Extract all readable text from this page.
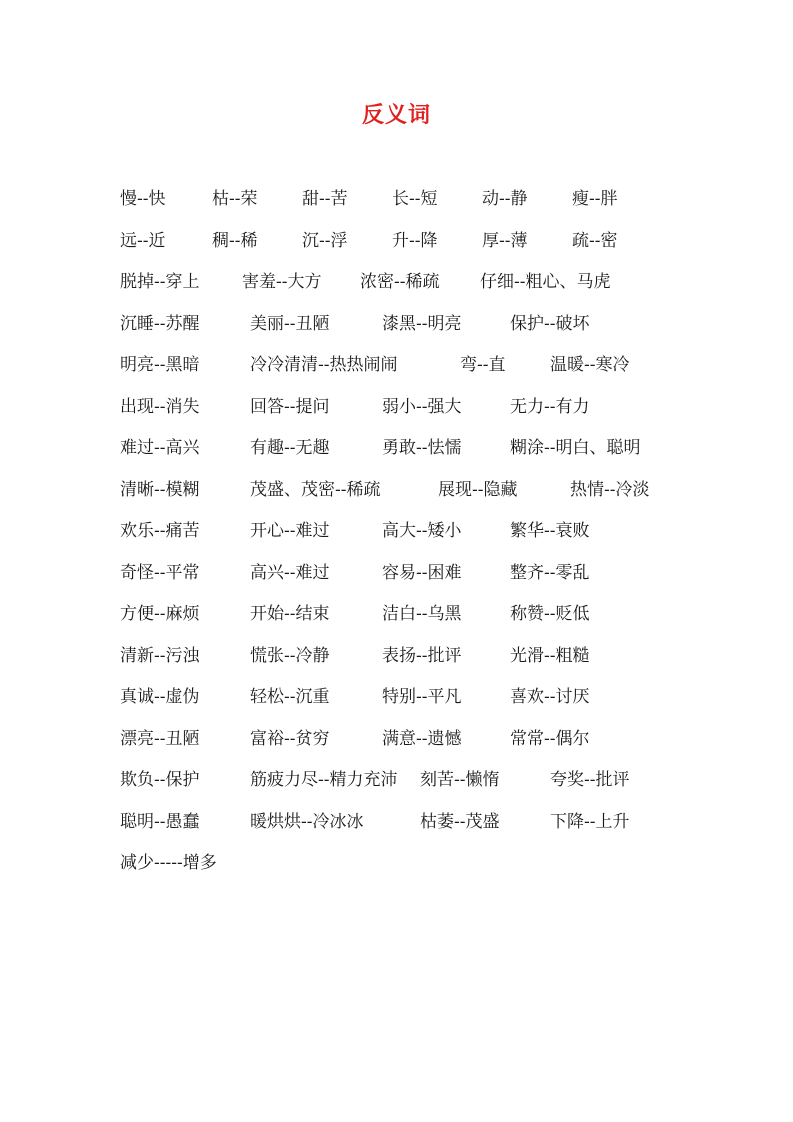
反义词
慢--快	枯--荣	甜--苦	长--短	动--静	瘦--胖
远--近	稠--稀	沉--浮	升--降	厚--薄	疏--密
脱掉--穿上	害羞--大方 浓密--稀疏 仔细--粗心、马虎
沉睡--苏醒	美丽--丑陋	漆黑--明亮	保护--破坏
明亮--黑暗	冷冷清清--热热闹闹	弯--直	温暖--寒冷
出现--消失	回答--提问	弱小--强大	无力--有力
难过--高兴	有趣--无趣	勇敢--怯懦	糊涂--明白、聪明
清晰--模糊	茂盛、茂密--稀疏	展现--隐藏	热情--冷淡
欢乐--痛苦	开心--难过	高大--矮小	繁华--衰败
奇怪--平常	高兴--难过	容易--困难	整齐--零乱
方便--麻烦	开始--结束	洁白--乌黑	称赞--贬低
清新--污浊	慌张--冷静	表扬--批评	光滑--粗糙
真诚--虚伪	轻松--沉重	特别--平凡	喜欢--讨厌
漂亮--丑陋	富裕--贫穷	满意--遗憾	常常--偶尔
欺负--保护	筋疲力尽--精力充沛 刻苦--懒惰	夸奖--批评
聪明--愚蠢	暖烘烘--冷冰冰	枯萎--茂盛	下降--上升
减少-----增多
